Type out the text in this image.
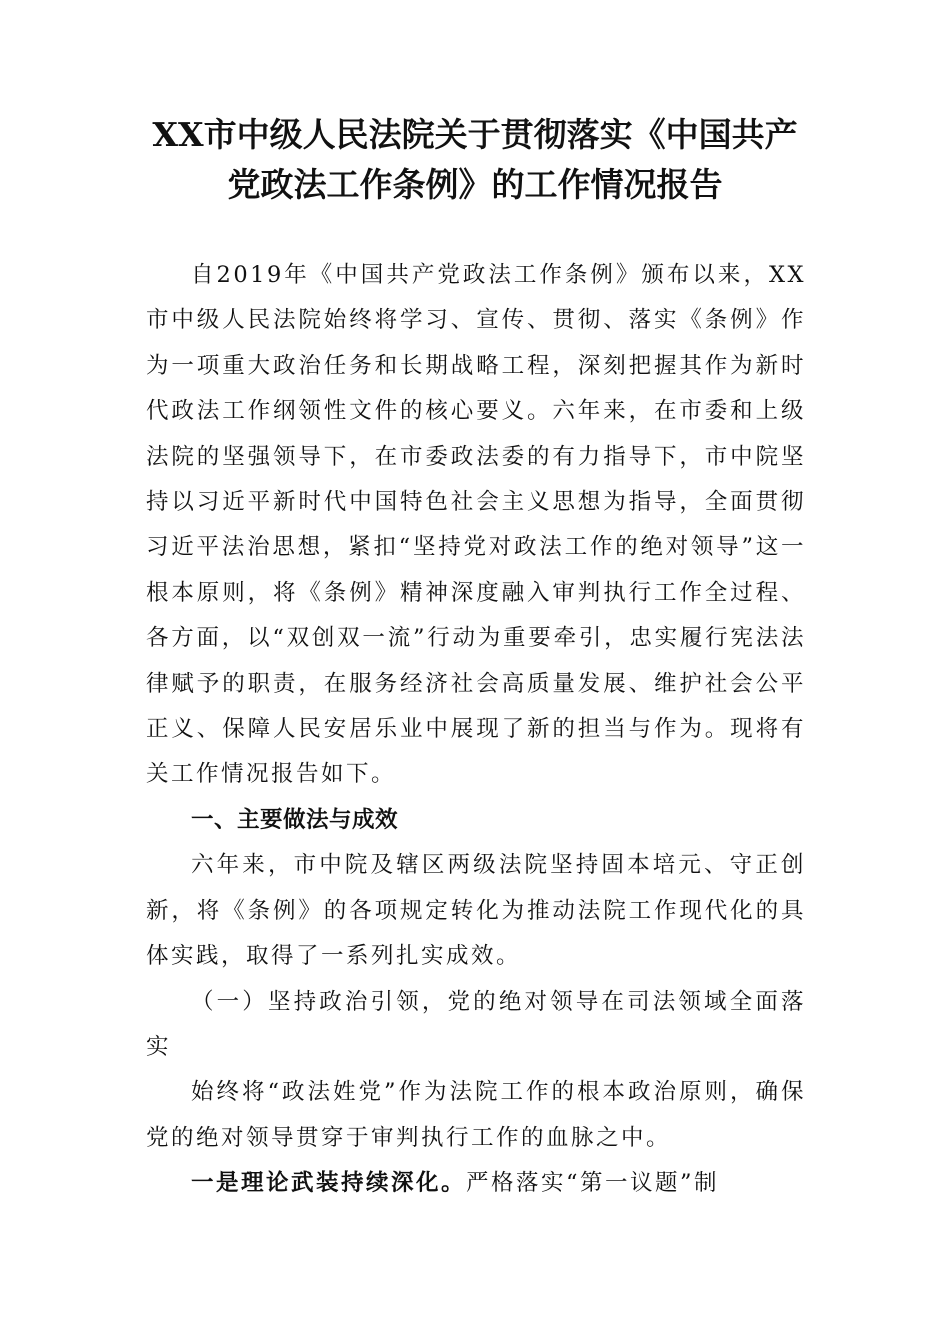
XX市中级人民法院关于贯彻落实《中国共产党政法工作条例》的工作情况报告

自2019年《中国共产党政法工作条例》颁布以来，XX市中级人民法院始终将学习、宣传、贯彻、落实《条例》作为一项重大政治任务和长期战略工程，深刻把握其作为新时代政法工作纲领性文件的核心要义。六年来，在市委和上级法院的坚强领导下，在市委政法委的有力指导下，市中院坚持以习近平新时代中国特色社会主义思想为指导，全面贯彻习近平法治思想，紧扣“坚持党对政法工作的绝对领导”这一根本原则，将《条例》精神深度融入审判执行工作全过程、各方面，以“双创双一流”行动为重要牵引，忠实履行宪法法律赋予的职责，在服务经济社会高质量发展、维护社会公平正义、保障人民安居乐业中展现了新的担当与作为。现将有关工作情况报告如下。

一、主要做法与成效

六年来，市中院及辖区两级法院坚持固本培元、守正创新，将《条例》的各项规定转化为推动法院工作现代化的具体实践，取得了一系列扎实成效。

（一）坚持政治引领，党的绝对领导在司法领域全面落实

始终将“政法姓党”作为法院工作的根本政治原则，确保党的绝对领导贯穿于审判执行工作的血脉之中。

一是理论武装持续深化。严格落实“第一议题”制
